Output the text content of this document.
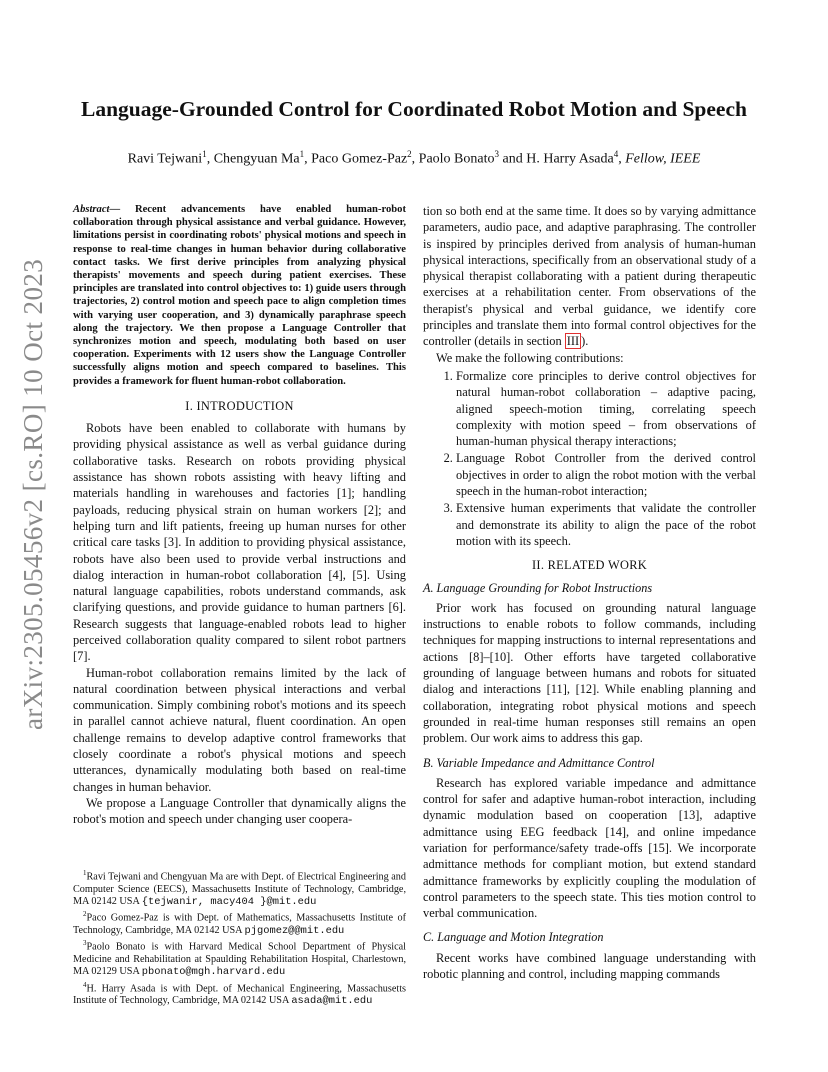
arXiv:2305.05456v2 [cs.RO] 10 Oct 2023
Language-Grounded Control for Coordinated Robot Motion and Speech
Ravi Tejwani$^1$, Chengyuan Ma$^1$, Paco Gomez-Paz$^2$, Paolo Bonato$^3$ and H. Harry Asada$^4$, Fellow, IEEE
Abstract— Recent advancements have enabled human-robot collaboration through physical assistance and verbal guidance. However, limitations persist in coordinating robots' physical motions and speech in response to real-time changes in human behavior during collaborative contact tasks. We first derive principles from analyzing physical therapists' movements and speech during patient exercises. These principles are translated into control objectives to: 1) guide users through trajectories, 2) control motion and speech pace to align completion times with varying user cooperation, and 3) dynamically paraphrase speech along the trajectory. We then propose a Language Controller that synchronizes motion and speech, modulating both based on user cooperation. Experiments with 12 users show the Language Controller successfully aligns motion and speech compared to baselines. This provides a framework for fluent human-robot collaboration.
I. INTRODUCTION

Robots have been enabled to collaborate with humans by providing physical assistance as well as verbal guidance during collaborative tasks. Research on robots providing physical assistance has shown robots assisting with heavy lifting and materials handling in warehouses and factories [1]; handling payloads, reducing physical strain on human workers [2]; and helping turn and lift patients, freeing up human nurses for other critical care tasks [3]. In addition to providing physical assistance, robots have also been used to provide verbal instructions and dialog interaction in human-robot collaboration [4], [5]. Using natural language capabilities, robots understand commands, ask clarifying questions, and provide guidance to human partners [6]. Research suggests that language-enabled robots lead to higher perceived collaboration quality compared to silent robot partners [7].

Human-robot collaboration remains limited by the lack of natural coordination between physical interactions and verbal communication. Simply combining robot's motions and its speech in parallel cannot achieve natural, fluent coordination. An open challenge remains to develop adaptive control frameworks that closely coordinate a robot's physical motions and speech utterances, dynamically modulating both based on real-time changes in human behavior.

We propose a Language Controller that dynamically aligns the robot's motion and speech under changing user coopera-

$^1$Ravi Tejwani and Chengyuan Ma are with Dept. of Electrical Engineering and Computer Science (EECS), Massachusetts Institute of Technology, Cambridge, MA 02142 USA {tejwanir, macy404 }@mit.edu

$^2$Paco Gomez-Paz is with Dept. of Mathematics, Massachusetts Institute of Technology, Cambridge, MA 02142 USA pjgomez@@mit.edu

$^3$Paolo Bonato is with Harvard Medical School Department of Physical Medicine and Rehabilitation at Spaulding Rehabilitation Hospital, Charlestown, MA 02129 USA pbonato@mgh.harvard.edu

$^4$H. Harry Asada is with Dept. of Mechanical Engineering, Massachusetts Institute of Technology, Cambridge, MA 02142 USA asada@mit.edu

tion so both end at the same time. It does so by varying admittance parameters, audio pace, and adaptive paraphrasing. The controller is inspired by principles derived from analysis of human-human physical interactions, specifically from an observational study of a physical therapist collaborating with a patient during therapeutic exercises at a rehabilitation center. From observations of the therapist's physical and verbal guidance, we identify core principles and translate them into formal control objectives for the controller (details in section III ).

We make the following contributions:

1. Formalize core principles to derive control objectives for natural human-robot collaboration – adaptive pacing, aligned speech-motion timing, correlating speech complexity with motion speed – from observations of human-human physical therapy interactions;
2. Language Robot Controller from the derived control objectives in order to align the robot motion with the verbal speech in the human-robot interaction;
3. Extensive human experiments that validate the controller and demonstrate its ability to align the pace of the robot motion with its speech.
II. RELATED WORK
A. Language Grounding for Robot Instructions

Prior work has focused on grounding natural language instructions to enable robots to follow commands, including techniques for mapping instructions to internal representations and actions [8]–[10]. Other efforts have targeted collaborative grounding of language between humans and robots for situated dialog and interactions [11], [12]. While enabling planning and collaboration, integrating robot physical motions and speech grounded in real-time human responses still remains an open problem. Our work aims to address this gap.

B. Variable Impedance and Admittance Control

Research has explored variable impedance and admittance control for safer and adaptive human-robot interaction, including dynamic modulation based on cooperation [13], adaptive admittance using EEG feedback [14], and online impedance variation for performance/safety trade-offs [15]. We incorporate admittance methods for compliant motion, but extend standard admittance frameworks by explicitly coupling the modulation of control parameters to the speech state. This ties motion control to verbal communication.

C. Language and Motion Integration

Recent works have combined language understanding with robotic planning and control, including mapping commands
